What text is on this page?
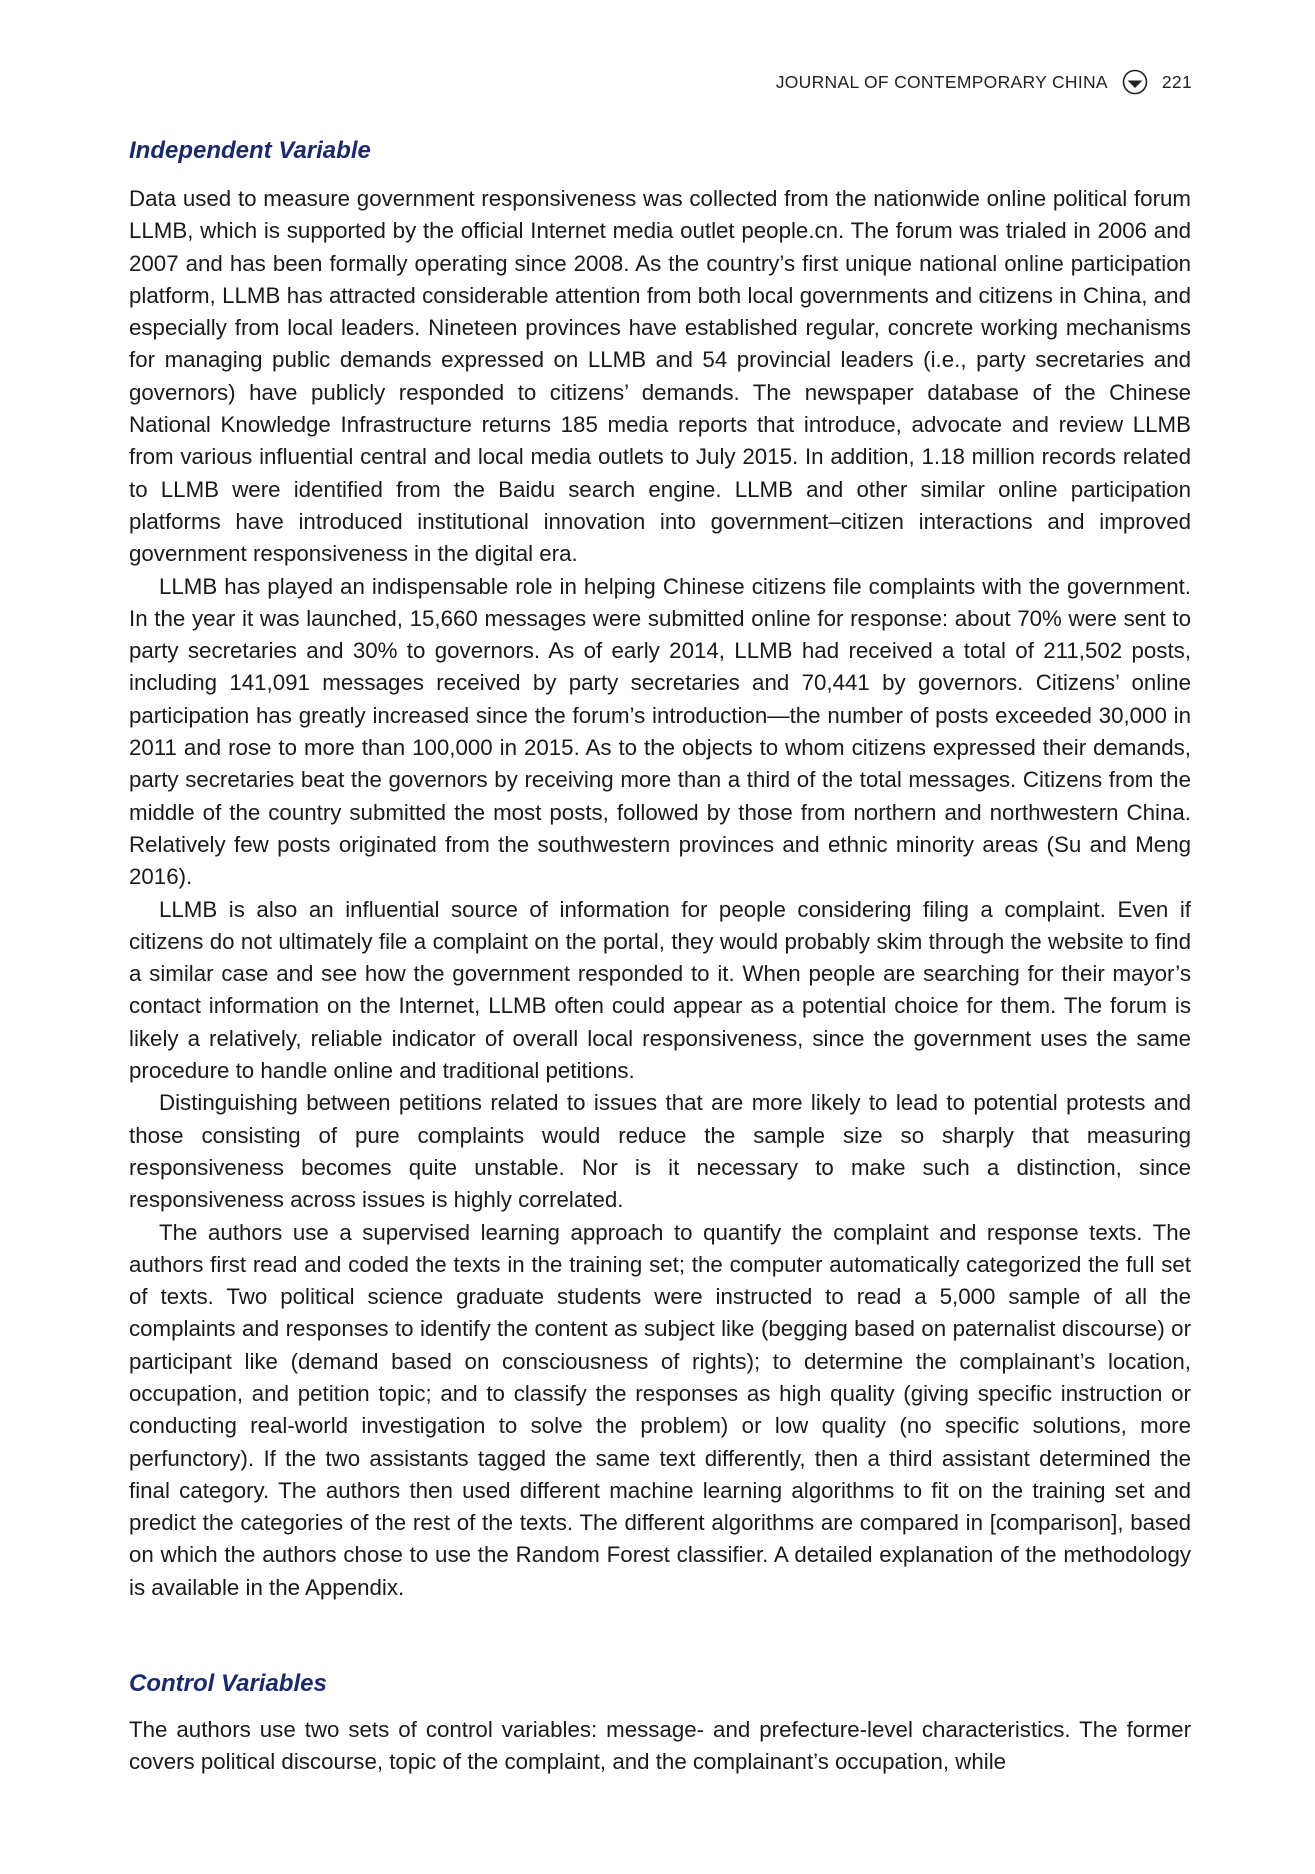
JOURNAL OF CONTEMPORARY CHINA	221
Independent Variable

Data used to measure government responsiveness was collected from the nationwide online political forum LLMB, which is supported by the official Internet media outlet people.cn. The forum was trialed in 2006 and 2007 and has been formally operating since 2008. As the country’s first unique national online participation platform, LLMB has attracted considerable attention from both local governments and citizens in China, and especially from local leaders. Nineteen provinces have established regular, concrete working mechanisms for managing public demands expressed on LLMB and 54 provincial leaders (i.e., party secretaries and governors) have publicly responded to citizens’ demands. The newspaper database of the Chinese National Knowledge Infrastructure returns 185 media reports that introduce, advocate and review LLMB from various influential central and local media outlets to July 2015. In addition, 1.18 million records related to LLMB were identified from the Baidu search engine. LLMB and other similar online participation platforms have introduced institutional innovation into government–citizen interactions and improved government responsiveness in the digital era.

LLMB has played an indispensable role in helping Chinese citizens file complaints with the government. In the year it was launched, 15,660 messages were submitted online for response: about 70% were sent to party secretaries and 30% to governors. As of early 2014, LLMB had received a total of 211,502 posts, including 141,091 messages received by party secretaries and 70,441 by governors. Citizens’ online participation has greatly increased since the forum’s introduction—the number of posts exceeded 30,000 in 2011 and rose to more than 100,000 in 2015. As to the objects to whom citizens expressed their demands, party secretaries beat the governors by receiving more than a third of the total messages. Citizens from the middle of the country submitted the most posts, followed by those from northern and northwestern China. Relatively few posts originated from the southwestern provinces and ethnic minority areas (Su and Meng 2016).

LLMB is also an influential source of information for people considering filing a complaint. Even if citizens do not ultimately file a complaint on the portal, they would probably skim through the website to find a similar case and see how the government responded to it. When people are searching for their mayor’s contact information on the Internet, LLMB often could appear as a potential choice for them. The forum is likely a relatively, reliable indicator of overall local responsiveness, since the government uses the same procedure to handle online and traditional petitions.

Distinguishing between petitions related to issues that are more likely to lead to potential protests and those consisting of pure complaints would reduce the sample size so sharply that measuring responsiveness becomes quite unstable. Nor is it necessary to make such a distinction, since responsiveness across issues is highly correlated.

The authors use a supervised learning approach to quantify the complaint and response texts. The authors first read and coded the texts in the training set; the computer automatically categorized the full set of texts. Two political science graduate students were instructed to read a 5,000 sample of all the complaints and responses to identify the content as subject like (begging based on paternalist discourse) or participant like (demand based on consciousness of rights); to determine the complainant’s location, occupation, and petition topic; and to classify the responses as high quality (giving specific instruction or conducting real-world investigation to solve the problem) or low quality (no specific solutions, more perfunctory). If the two assistants tagged the same text differently, then a third assistant determined the final category. The authors then used different machine learning algorithms to fit on the training set and predict the categories of the rest of the texts. The different algorithms are compared in [comparison], based on which the authors chose to use the Random Forest classifier. A detailed explanation of the methodology is available in the Appendix.

Control Variables

The authors use two sets of control variables: message- and prefecture-level characteristics. The former covers political discourse, topic of the complaint, and the complainant’s occupation, while
